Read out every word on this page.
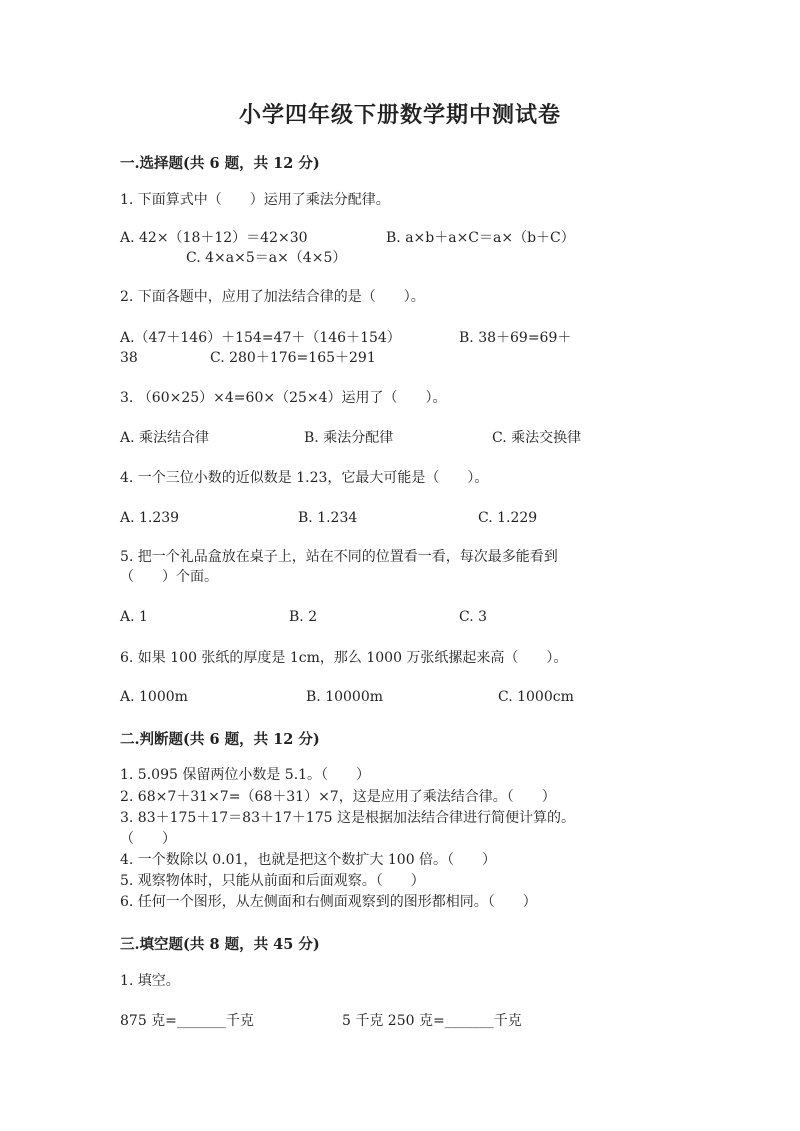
小学四年级下册数学期中测试卷
一.选择题(共 6 题，共 12 分)
1. 下面算式中（　　）运用了乘法分配律。
A. 42×（18＋12）＝42×30	B. a×b＋a×C＝a×（b＋C）
C. 4×a×5＝a×（4×5）
2. 下面各题中，应用了加法结合律的是（　　）。
A.（47＋146）＋154=47＋（146＋154）	B. 38＋69=69＋
38	C. 280＋176=165＋291
3. （60×25）×4=60×（25×4）运用了（　　）。
A. 乘法结合律	B. 乘法分配律	C. 乘法交换律
4. 一个三位小数的近似数是 1.23，它最大可能是（　　）。
A. 1.239	B. 1.234	C. 1.229
5. 把一个礼品盒放在桌子上，站在不同的位置看一看，每次最多能看到
（　　）个面。
A. 1	B. 2	C. 3
6. 如果 100 张纸的厚度是 1cm，那么 1000 万张纸摞起来高（　　）。
A. 1000m	B. 10000m	C. 1000cm
二.判断题(共 6 题，共 12 分)
1. 5.095 保留两位小数是 5.1。（　　）
2. 68×7＋31×7=（68＋31）×7，这是应用了乘法结合律。（　　）
3. 83＋175＋17＝83＋17＋175 这是根据加法结合律进行简便计算的。
（　　）
4. 一个数除以 0.01，也就是把这个数扩大 100 倍。（　　）
5. 观察物体时，只能从前面和后面观察。（　　）
6. 任何一个图形，从左侧面和右侧面观察到的图形都相同。（　　）
三.填空题(共 8 题，共 45 分)
1. 填空。
875 克=_______千克	5 千克 250 克=_______千克
